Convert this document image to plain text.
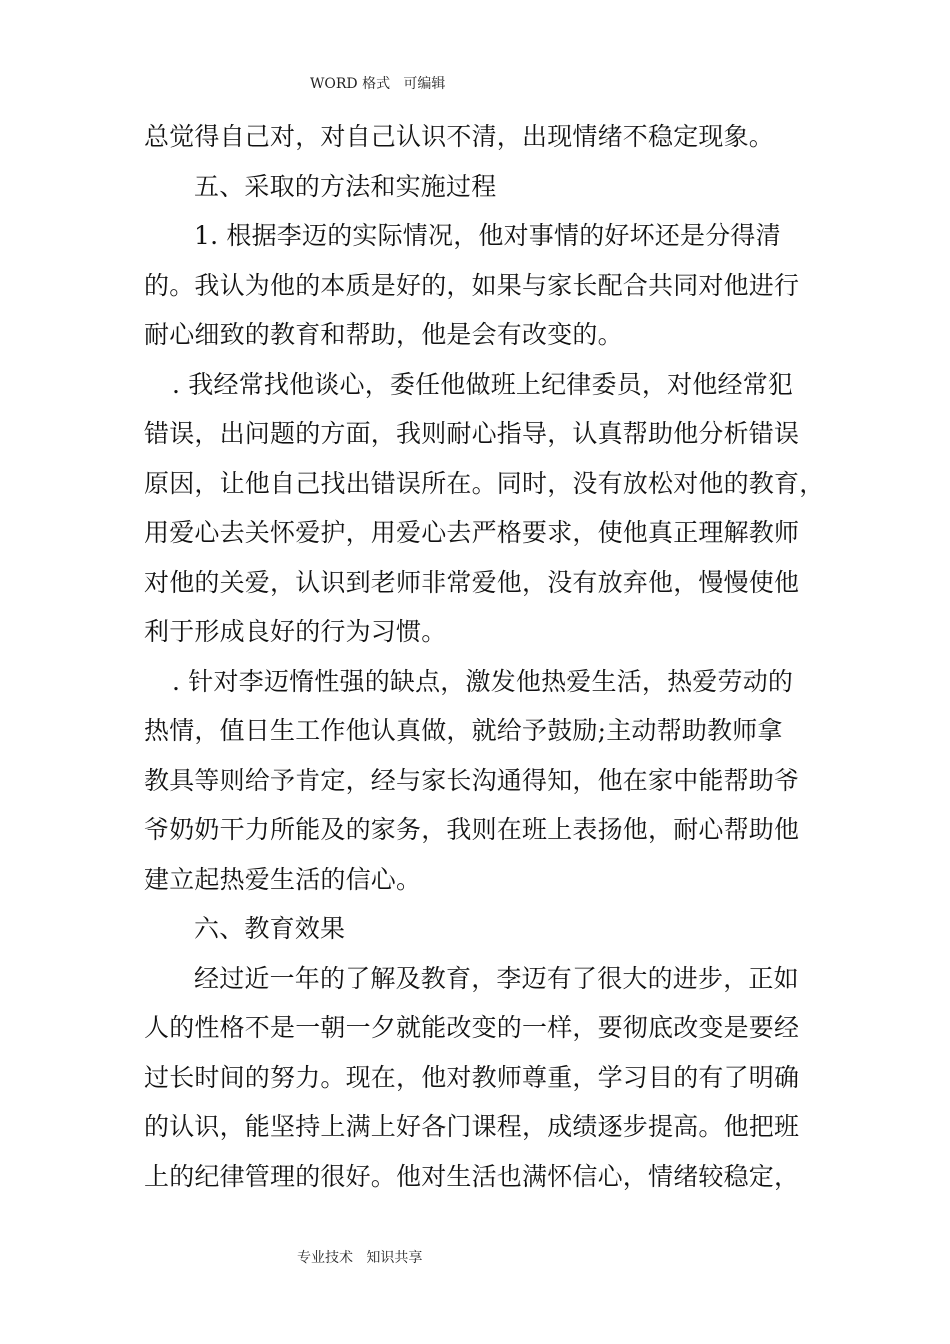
WORD 格式   可编辑
总觉得自己对，对自己认识不清，出现情绪不稳定现象。
五、采取的方法和实施过程
1. 根据李迈的实际情况，他对事情的好坏还是分得清
的。我认为他的本质是好的，如果与家长配合共同对他进行
耐心细致的教育和帮助，他是会有改变的。
. 我经常找他谈心，委任他做班上纪律委员，对他经常犯
错误，出问题的方面，我则耐心指导，认真帮助他分析错误
原因，让他自己找出错误所在。同时，没有放松对他的教育，
用爱心去关怀爱护，用爱心去严格要求，使他真正理解教师
对他的关爱，认识到老师非常爱他，没有放弃他，慢慢使他
利于形成良好的行为习惯。
. 针对李迈惰性强的缺点，激发他热爱生活，热爱劳动的
热情，值日生工作他认真做，就给予鼓励;主动帮助教师拿
教具等则给予肯定，经与家长沟通得知，他在家中能帮助爷
爷奶奶干力所能及的家务，我则在班上表扬他，耐心帮助他
建立起热爱生活的信心。
六、教育效果
经过近一年的了解及教育，李迈有了很大的进步，正如
人的性格不是一朝一夕就能改变的一样，要彻底改变是要经
过长时间的努力。现在，他对教师尊重，学习目的有了明确
的认识，能坚持上满上好各门课程，成绩逐步提高。他把班
上的纪律管理的很好。他对生活也满怀信心，情绪较稳定，
专业技术   知识共享
